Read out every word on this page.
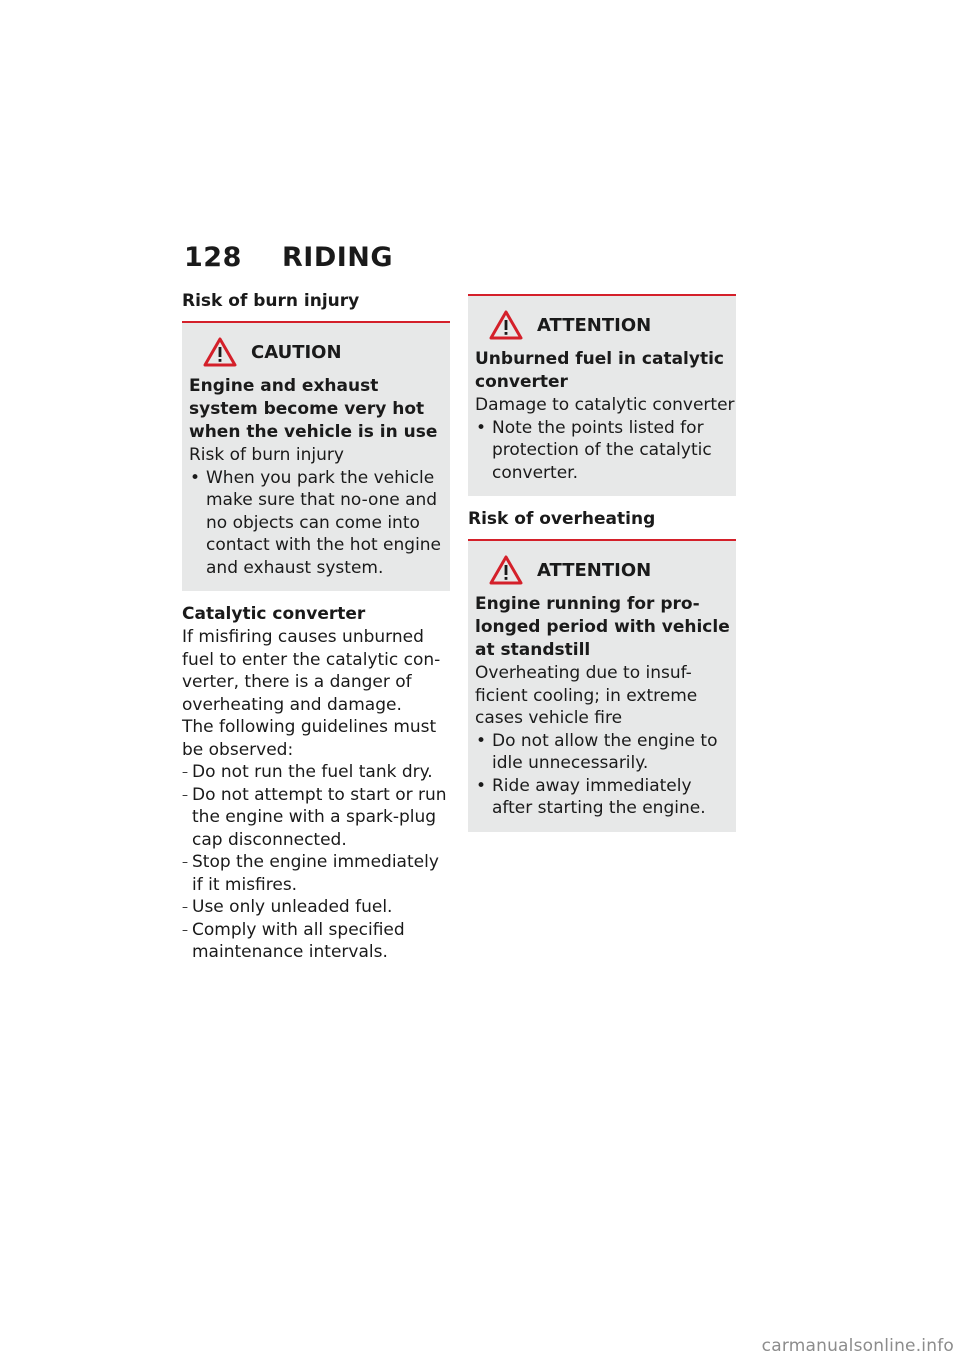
128 RIDING

Risk of burn injury

CAUTION

Engine and exhaust system become very hot when the vehicle is in use

Risk of burn injury

• When you park the vehicle make sure that no-one and no objects can come into contact with the hot engine and exhaust system.

Catalytic converter

If misfiring causes unburned fuel to enter the catalytic con-verter, there is a danger of overheating and damage.

The following guidelines must be observed:

– Do not run the fuel tank dry.
– Do not attempt to start or run the engine with a spark-plug cap disconnected.
– Stop the engine immediately if it misfires.
– Use only unleaded fuel.
– Comply with all specified maintenance intervals.
ATTENTION

Unburned fuel in catalytic converter

Damage to catalytic converter

• Note the points listed for protection of the catalytic converter.

Risk of overheating

ATTENTION

Engine running for pro-longed period with vehicle at standstill

Overheating due to insuf-ficient cooling; in extreme cases vehicle fire

• Do not allow the engine to idle unnecessarily.
• Ride away immediately after starting the engine.
carmanualsonline.info
